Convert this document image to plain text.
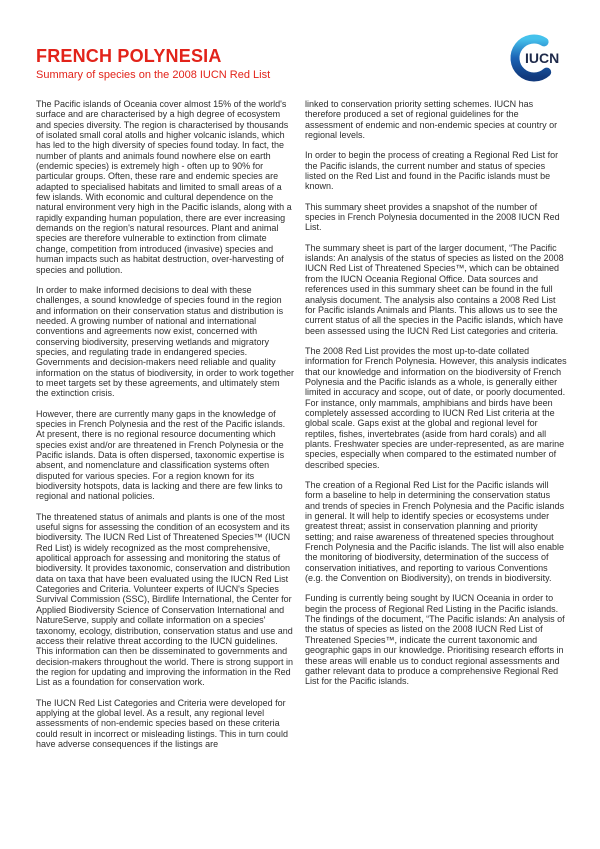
FRENCH POLYNESIA

Summary of species on the 2008 IUCN Red List

IUCN

The Pacific islands of Oceania cover almost 15% of the world's surface and are characterised by a high degree of ecosystem and species diversity. The region is characterised by thousands of isolated small coral atolls and higher volcanic islands, which has led to the high diversity of species found today. In fact, the number of plants and animals found nowhere else on earth (endemic species) is extremely high - often up to 90% for particular groups. Often, these rare and endemic species are adapted to specialised habitats and limited to small areas of a few islands. With economic and cultural dependence on the natural environment very high in the Pacific islands, along with a rapidly expanding human population, there are ever increasing demands on the region's natural resources. Plant and animal species are therefore vulnerable to extinction from climate change, competition from introduced (invasive) species and human impacts such as habitat destruction, over-harvesting of species and pollution.

In order to make informed decisions to deal with these challenges, a sound knowledge of species found in the region and information on their conservation status and distribution is needed. A growing number of national and international conventions and agreements now exist, concerned with conserving biodiversity, preserving wetlands and migratory species, and regulating trade in endangered species. Governments and decision-makers need reliable and quality information on the status of biodiversity, in order to work together to meet targets set by these agreements, and ultimately stem the extinction crisis.

However, there are currently many gaps in the knowledge of species in French Polynesia and the rest of the Pacific islands. At present, there is no regional resource documenting which species exist and/or are threatened in French Polynesia or the Pacific islands. Data is often dispersed, taxonomic expertise is absent, and nomenclature and classification systems often disputed for various species. For a region known for its biodiversity hotspots, data is lacking and there are few links to regional and national policies.

The threatened status of animals and plants is one of the most useful signs for assessing the condition of an ecosystem and its biodiversity. The IUCN Red List of Threatened Species™ (IUCN Red List) is widely recognized as the most comprehensive, apolitical approach for assessing and monitoring the status of biodiversity. It provides taxonomic, conservation and distribution data on taxa that have been evaluated using the IUCN Red List Categories and Criteria. Volunteer experts of IUCN's Species Survival Commission (SSC), Birdlife International, the Center for Applied Biodiversity Science of Conservation International and NatureServe, supply and collate information on a species' taxonomy, ecology, distribution, conservation status and use and access their relative threat according to the IUCN guidelines. This information can then be disseminated to governments and decision-makers throughout the world. There is strong support in the region for updating and improving the information in the Red List as a foundation for conservation work.

The IUCN Red List Categories and Criteria were developed for applying at the global level. As a result, any regional level assessments of non-endemic species based on these criteria could result in incorrect or misleading listings. This in turn could have adverse consequences if the listings are

linked to conservation priority setting schemes. IUCN has therefore produced a set of regional guidelines for the assessment of endemic and non-endemic species at country or regional levels.

In order to begin the process of creating a Regional Red List for the Pacific islands, the current number and status of species listed on the Red List and found in the Pacific islands must be known.

This summary sheet provides a snapshot of the number of species in French Polynesia documented in the 2008 IUCN Red List.

The summary sheet is part of the larger document, “The Pacific islands: An analysis of the status of species as listed on the 2008 IUCN Red List of Threatened Species™, which can be obtained from the IUCN Oceania Regional Office. Data sources and references used in this summary sheet can be found in the full analysis document. The analysis also contains a 2008 Red List for Pacific islands Animals and Plants. This allows us to see the current status of all the species in the Pacific islands, which have been assessed using the IUCN Red List categories and criteria.

The 2008 Red List provides the most up-to-date collated information for French Polynesia. However, this analysis indicates that our knowledge and information on the biodiversity of French Polynesia and the Pacific islands as a whole, is generally either limited in accuracy and scope, out of date, or poorly documented. For instance, only mammals, amphibians and birds have been completely assessed according to IUCN Red List criteria at the global scale. Gaps exist at the global and regional level for reptiles, fishes, invertebrates (aside from hard corals) and all plants. Freshwater species are under-represented, as are marine species, especially when compared to the estimated number of described species.

The creation of a Regional Red List for the Pacific islands will form a baseline to help in determining the conservation status and trends of species in French Polynesia and the Pacific islands in general. It will help to identify species or ecosystems under greatest threat; assist in conservation planning and priority setting; and raise awareness of threatened species throughout French Polynesia and the Pacific islands. The list will also enable the monitoring of biodiversity, determination of the success of conservation initiatives, and reporting to various Conventions (e.g. the Convention on Biodiversity), on trends in biodiversity.

Funding is currently being sought by IUCN Oceania in order to begin the process of Regional Red Listing in the Pacific islands. The findings of the document, “The Pacific islands: An analysis of the status of species as listed on the 2008 IUCN Red List of Threatened Species™, indicate the current taxonomic and geographic gaps in our knowledge. Prioritising research efforts in these areas will enable us to conduct regional assessments and gather relevant data to produce a comprehensive Regional Red List for the Pacific islands.
